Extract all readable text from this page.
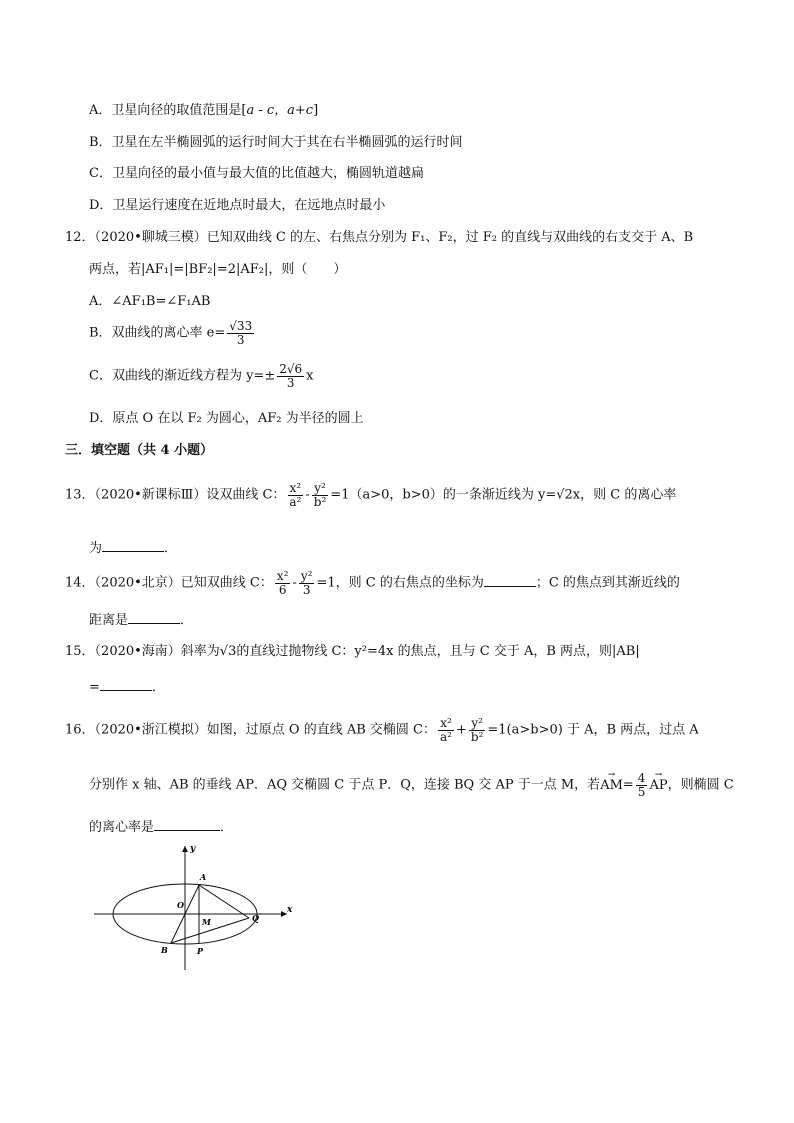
A．卫星向径的取值范围是[a - c，a+c]
B．卫星在左半椭圆弧的运行时间大于其在右半椭圆弧的运行时间
C．卫星向径的最小值与最大值的比值越大，椭圆轨道越扁
D．卫星运行速度在近地点时最大，在远地点时最小
12．（2020•聊城三模）已知双曲线 C 的左、右焦点分别为 F₁、F₂，过 F₂ 的直线与双曲线的右支交于 A、B
两点，若|AF₁|=|BF₂|=2|AF₂|，则（　　）
A．∠AF₁B=∠F₁AB
B．双曲线的离心率 $e= \frac{√33}{3}$
C．双曲线的渐近线方程为 $y=\pm \frac{2√6}{3}$ x
D．原点 O 在以 F₂ 为圆心，AF₂ 为半径的圆上
三．填空题（共 4 小题）
13．（2020•新课标Ⅲ）设双曲线 C： $\frac{\text{x²}}{\text{a²}} - \frac{\text{y²}}{\text{b²}} =1(a>0$，b>0）的一条渐近线为 y=√2x，则 C 的离心率
为	．
14．（2020•北京）已知双曲线 C： $\frac{\text{x²}}{6} - \frac{\text{y²}}{3} =1$，则 C 的右焦点的坐标为	；C 的焦点到其渐近线的
距离是	．
15．（2020•海南）斜率为√3的直线过抛物线 C：y²=4x 的焦点，且与 C 交于 A，B 两点，则|AB|
=	．
16．（2020•浙江模拟）如图，过原点 O 的直线 AB 交椭圆 C： $\frac{\text{x²}}{\text{a²}} + \frac{\text{y²}}{\text{b²}} =1(a>b>0)$ 于 A，B 两点，过点 A
分别作 x 轴、AB 的垂线 AP．AQ 交椭圆 C 于点 P．Q，连接 BQ 交 AP 于一点 M，若→ $AM= \frac{4}{5}$
→ AP，则椭圆 C
的离心率是	．
y
x
A
O
M	Q
B	P
